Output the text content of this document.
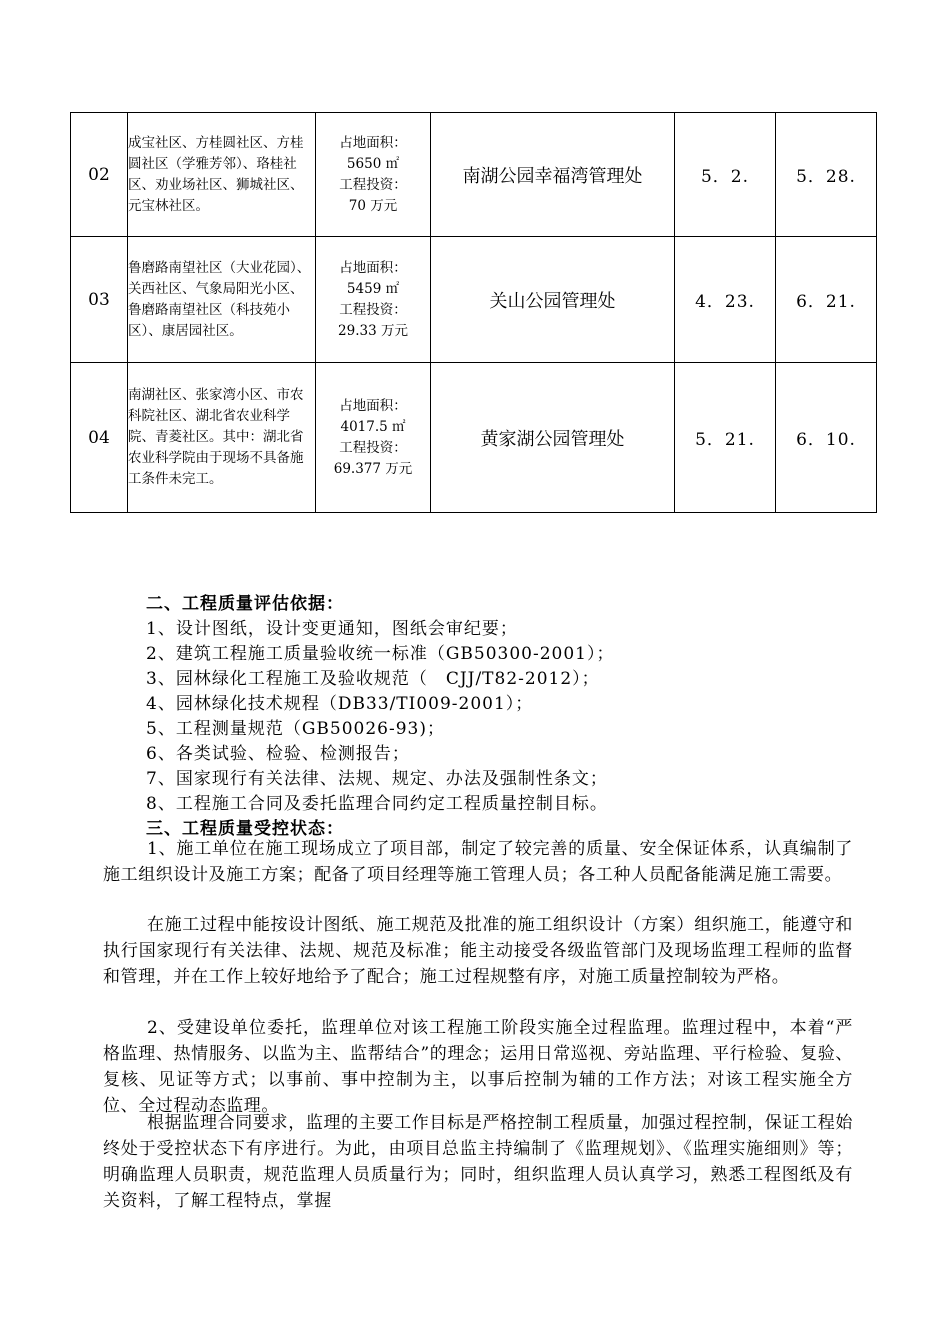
02	成宝社区、方桂圆社区、方桂圆社区（学雅芳邻）、珞桂社区、劝业场社区、狮城社区、元宝林社区。	占地面积：
5650 ㎡
工程投资：
70 万元	南湖公园幸福湾管理处	5．2.	5．28.
03	鲁磨路南望社区（大业花园）、关西社区、气象局阳光小区、鲁磨路南望社区（科技苑小区）、康居园社区。	占地面积：
5459 ㎡
工程投资：
29.33 万元	关山公园管理处	4．23.	6．21.
04	南湖社区、张家湾小区、市农科院社区、湖北省农业科学院、青菱社区。其中：湖北省农业科学院由于现场不具备施工条件未完工。	占地面积：
4017.5 ㎡
工程投资：
69.377 万元	黄家湖公园管理处	5．21.	6．10.
二、工程质量评估依据：
1、设计图纸，设计变更通知，图纸会审纪要；
2、建筑工程施工质量验收统一标准（GB50300-2001）；
3、园林绿化工程施工及验收规范（　CJJ/T82-2012）；
4、园林绿化技术规程（DB33/TI009-2001）；
5、工程测量规范（GB50026-93)；
6、各类试验、检验、检测报告；
7、国家现行有关法律、法规、规定、办法及强制性条文；
8、工程施工合同及委托监理合同约定工程质量控制目标。
三、工程质量受控状态：
1、施工单位在施工现场成立了项目部，制定了较完善的质量、安全保证体系，认真编制了施工组织设计及施工方案；配备了项目经理等施工管理人员；各工种人员配备能满足施工需要。
在施工过程中能按设计图纸、施工规范及批准的施工组织设计（方案）组织施工，能遵守和执行国家现行有关法律、法规、规范及标准；能主动接受各级监管部门及现场监理工程师的监督和管理，并在工作上较好地给予了配合；施工过程规整有序，对施工质量控制较为严格。
2、受建设单位委托，监理单位对该工程施工阶段实施全过程监理。监理过程中，本着“严格监理、热情服务、以监为主、监帮结合”的理念；运用日常巡视、旁站监理、平行检验、复验、复核、见证等方式；以事前、事中控制为主，以事后控制为辅的工作方法；对该工程实施全方位、全过程动态监理。
根据监理合同要求，监理的主要工作目标是严格控制工程质量，加强过程控制，保证工程始终处于受控状态下有序进行。为此，由项目总监主持编制了《监理规划》、《监理实施细则》等；明确监理人员职责，规范监理人员质量行为；同时，组织监理人员认真学习，熟悉工程图纸及有关资料，了解工程特点，掌握
